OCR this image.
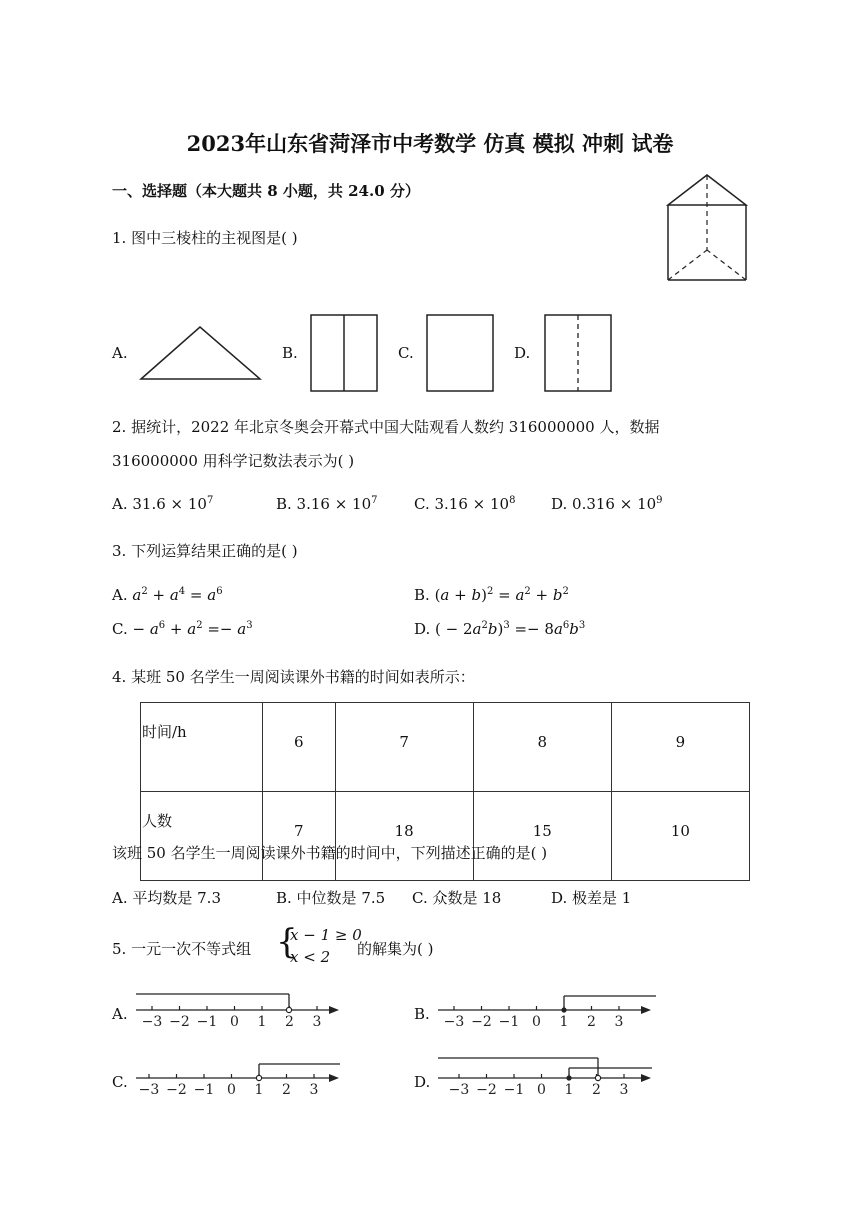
2023年山东省菏泽市中考数学 仿真 模拟 冲刺 试卷
一、选择题（本大题共 8 小题，共 24.0 分）
1. 图中三棱柱的主视图是( )
A.	B.	C.	D.
2. 据统计，2022 年北京冬奥会开幕式中国大陆观看人数约 316000000 人，数据
316000000 用科学记数法表示为( )
A. $31.6 \times 10^7$	B. $3.16 \times 10^7$ C. $3.16 \times 10^8$ D. $0.316 \times 10^9$
3. 下列运算结果正确的是( )
A. $a^2 + a^4 = a^6$	B. $(a + b)^2 = a^2 + b^2$
C. − $a^6 + a^2 =- a^3$	D. ( − $2a^2b)^3 =- 8a^6b^3$
4. 某班 50 名学生一周阅读课外书籍的时间如表所示：
时间/h	6	7	8	9
人数	7	18	15	10
该班 50 名学生一周阅读课外书籍的时间中，下列描述正确的是( )
A. 平均数是 7.3	B. 中位数是 7.5 C. 众数是 18	D. 极差是 1
5. 一元一次不等式组 {
x − 1 ≥ 0
x < 2 的解集为( )
A. −3 −2 −1 0 1 2 3	B. −3 −2 −1 0 1 2 3
C. −3 −2 −1 0 1 2 3	D. −3 −2 −1 0 1 2 3
